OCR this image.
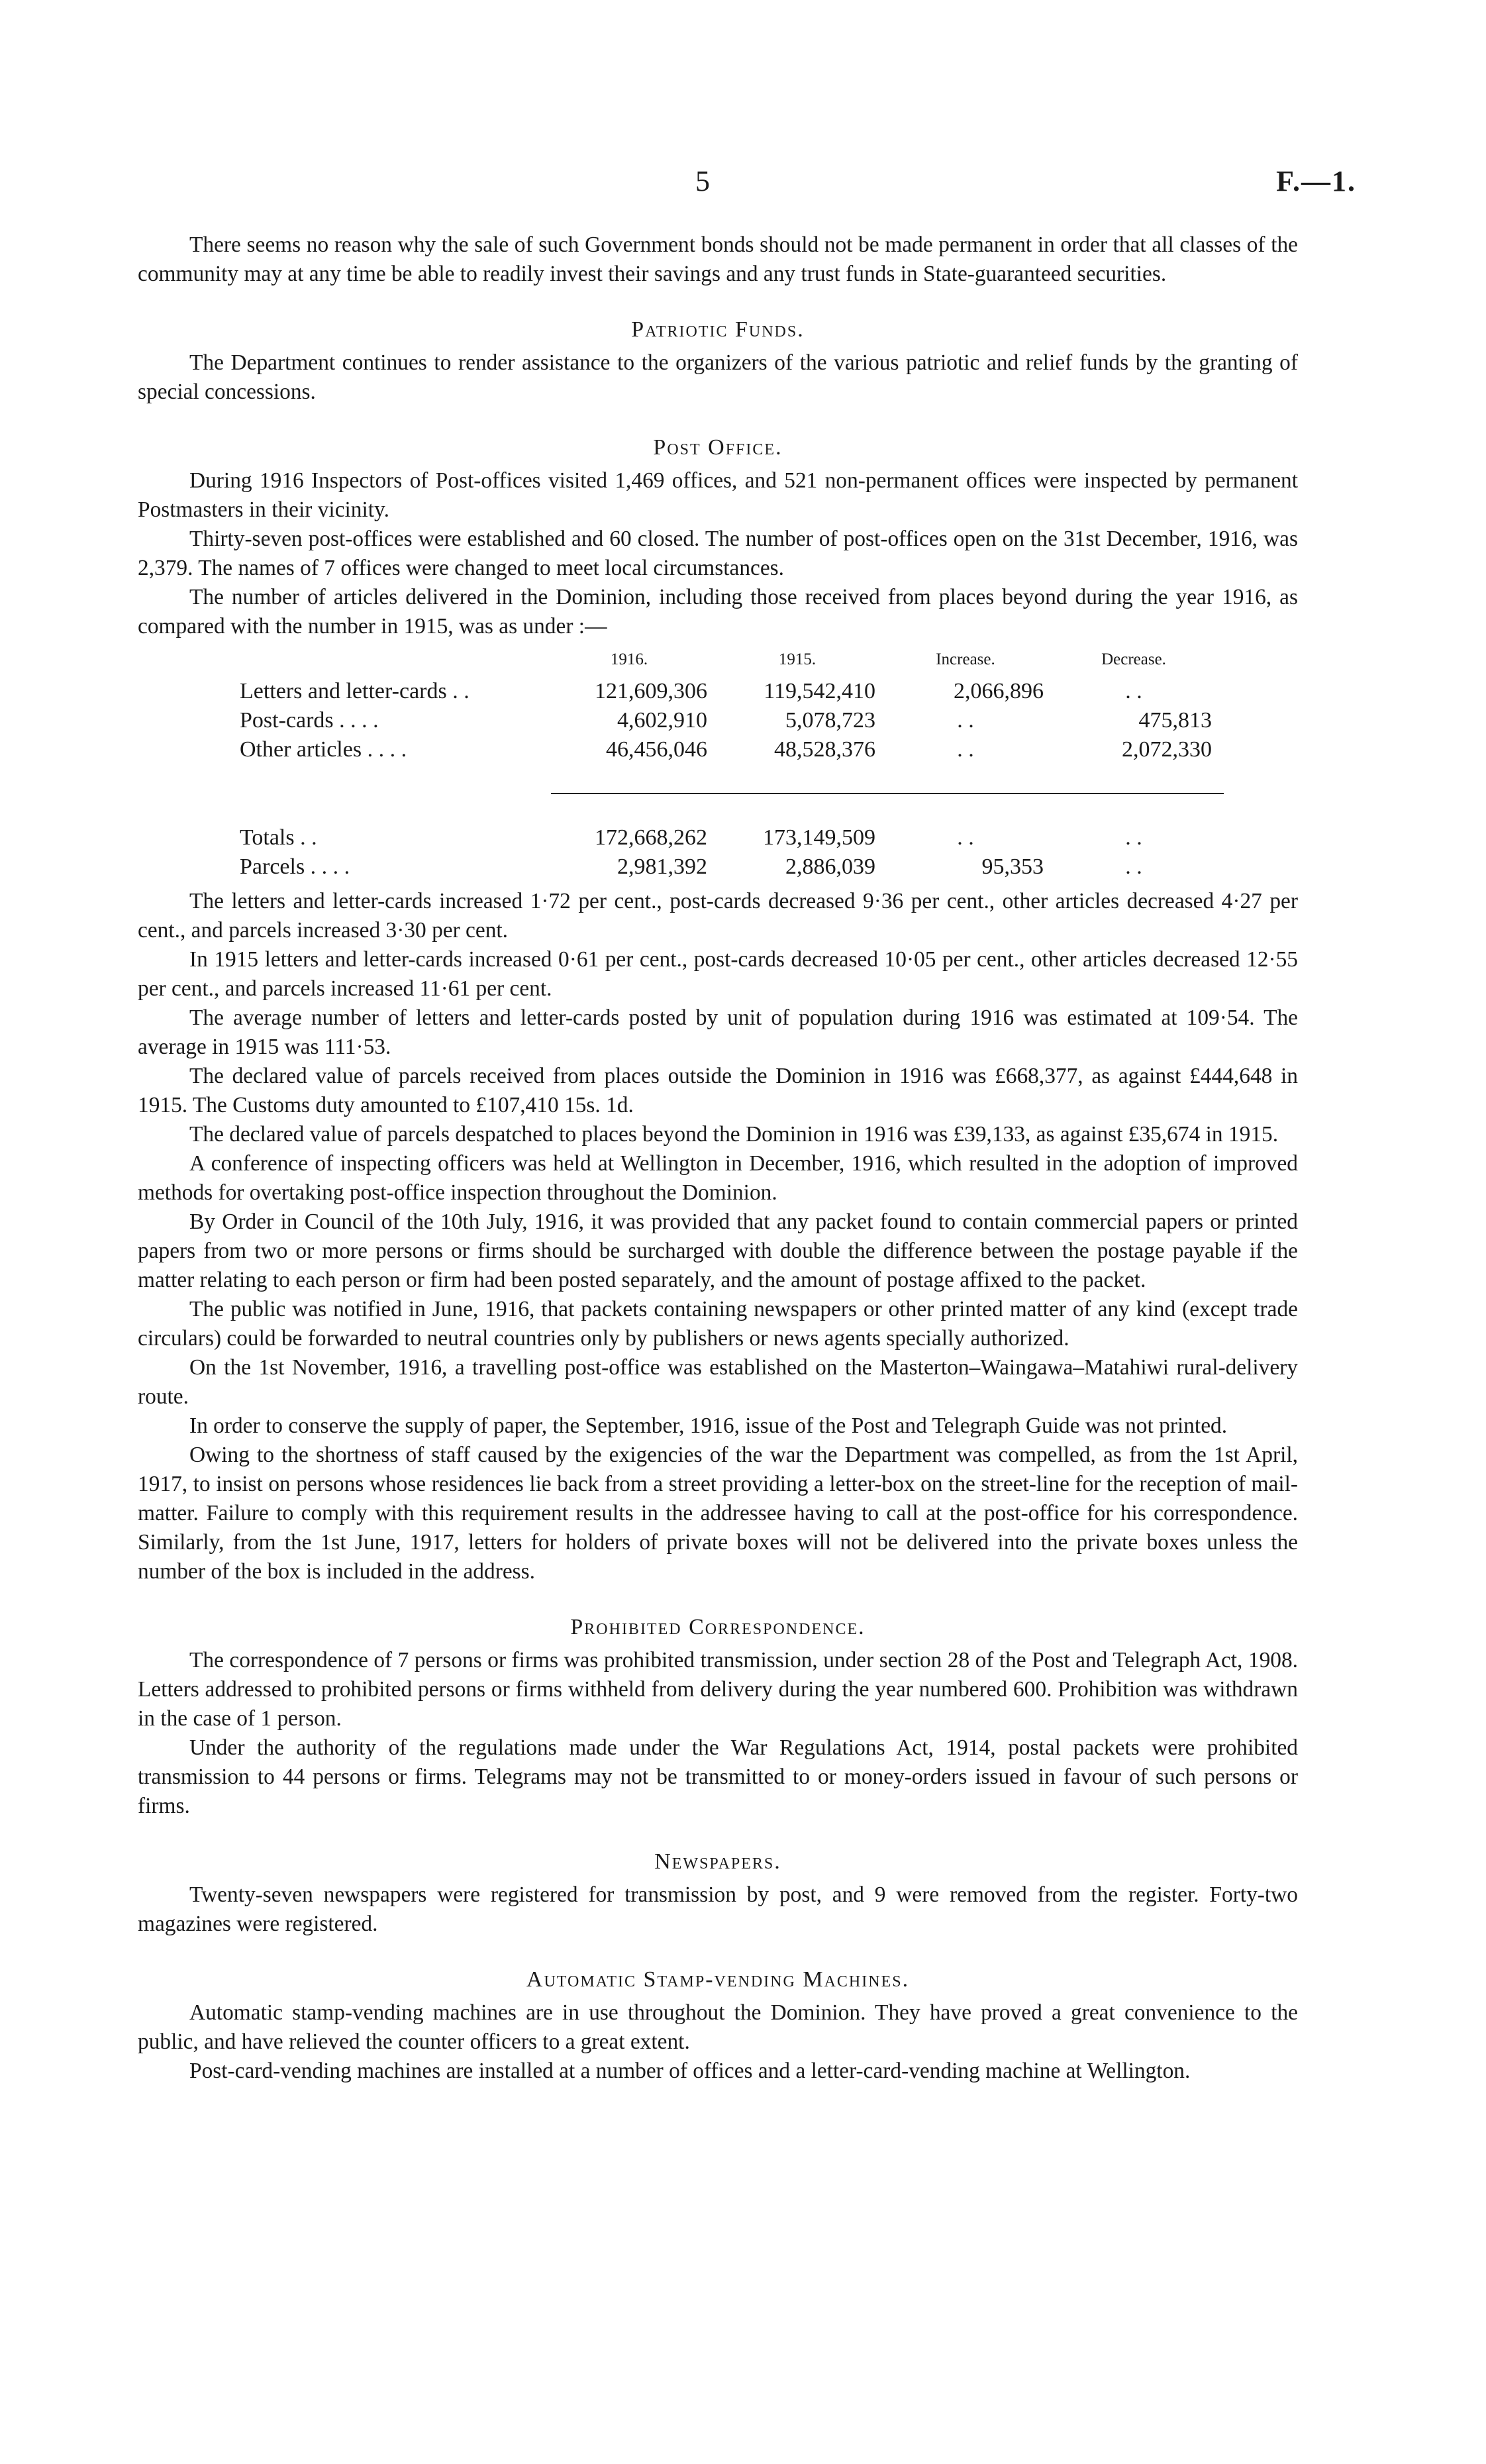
5	F.—1.

There seems no reason why the sale of such Government bonds should not be made permanent in order that all classes of the community may at any time be able to readily invest their savings and any trust funds in State-guaranteed securities.

Patriotic Funds.

The Department continues to render assistance to the organizers of the various patriotic and relief funds by the granting of special concessions.

Post Office.

During 1916 Inspectors of Post-offices visited 1,469 offices, and 521 non-permanent offices were inspected by permanent Postmasters in their vicinity.

Thirty-seven post-offices were established and 60 closed. The number of post-offices open on the 31st December, 1916, was 2,379. The names of 7 offices were changed to meet local circumstances.

The number of articles delivered in the Dominion, including those received from places beyond during the year 1916, as compared with the number in 1915, was as under :—

	1916.	1915.	Increase.	Decrease.
Letters and letter-cards . .	121,609,306	119,542,410	2,066,896	. .
Post-cards . . . .	4,602,910	5,078,723	. .	475,813
Other articles . . . .	46,456,046	48,528,376	. .	2,072,330

Totals . .	172,668,262	173,149,509	. .	. .
Parcels . . . .	2,981,392	2,886,039	95,353	. .

The letters and letter-cards increased 1·72 per cent., post-cards decreased 9·36 per cent., other articles decreased 4·27 per cent., and parcels increased 3·30 per cent.

In 1915 letters and letter-cards increased 0·61 per cent., post-cards decreased 10·05 per cent., other articles decreased 12·55 per cent., and parcels increased 11·61 per cent.

The average number of letters and letter-cards posted by unit of population during 1916 was estimated at 109·54. The average in 1915 was 111·53.

The declared value of parcels received from places outside the Dominion in 1916 was £668,377, as against £444,648 in 1915. The Customs duty amounted to £107,410 15s. 1d.

The declared value of parcels despatched to places beyond the Dominion in 1916 was £39,133, as against £35,674 in 1915.

A conference of inspecting officers was held at Wellington in December, 1916, which resulted in the adoption of improved methods for overtaking post-office inspection throughout the Dominion.

By Order in Council of the 10th July, 1916, it was provided that any packet found to contain commercial papers or printed papers from two or more persons or firms should be surcharged with double the difference between the postage payable if the matter relating to each person or firm had been posted separately, and the amount of postage affixed to the packet.

The public was notified in June, 1916, that packets containing newspapers or other printed matter of any kind (except trade circulars) could be forwarded to neutral countries only by publishers or news agents specially authorized.

On the 1st November, 1916, a travelling post-office was established on the Masterton–Waingawa–Matahiwi rural-delivery route.

In order to conserve the supply of paper, the September, 1916, issue of the Post and Telegraph Guide was not printed.

Owing to the shortness of staff caused by the exigencies of the war the Department was compelled, as from the 1st April, 1917, to insist on persons whose residences lie back from a street providing a letter-box on the street-line for the reception of mail-matter. Failure to comply with this requirement results in the addressee having to call at the post-office for his correspondence. Similarly, from the 1st June, 1917, letters for holders of private boxes will not be delivered into the private boxes unless the number of the box is included in the address.

Prohibited Correspondence.

The correspondence of 7 persons or firms was prohibited transmission, under section 28 of the Post and Telegraph Act, 1908. Letters addressed to prohibited persons or firms withheld from delivery during the year numbered 600. Prohibition was withdrawn in the case of 1 person.

Under the authority of the regulations made under the War Regulations Act, 1914, postal packets were prohibited transmission to 44 persons or firms. Telegrams may not be transmitted to or money-orders issued in favour of such persons or firms.

Newspapers.

Twenty-seven newspapers were registered for transmission by post, and 9 were removed from the register. Forty-two magazines were registered.

Automatic Stamp-vending Machines.

Automatic stamp-vending machines are in use throughout the Dominion. They have proved a great convenience to the public, and have relieved the counter officers to a great extent.

Post-card-vending machines are installed at a number of offices and a letter-card-vending machine at Wellington.
